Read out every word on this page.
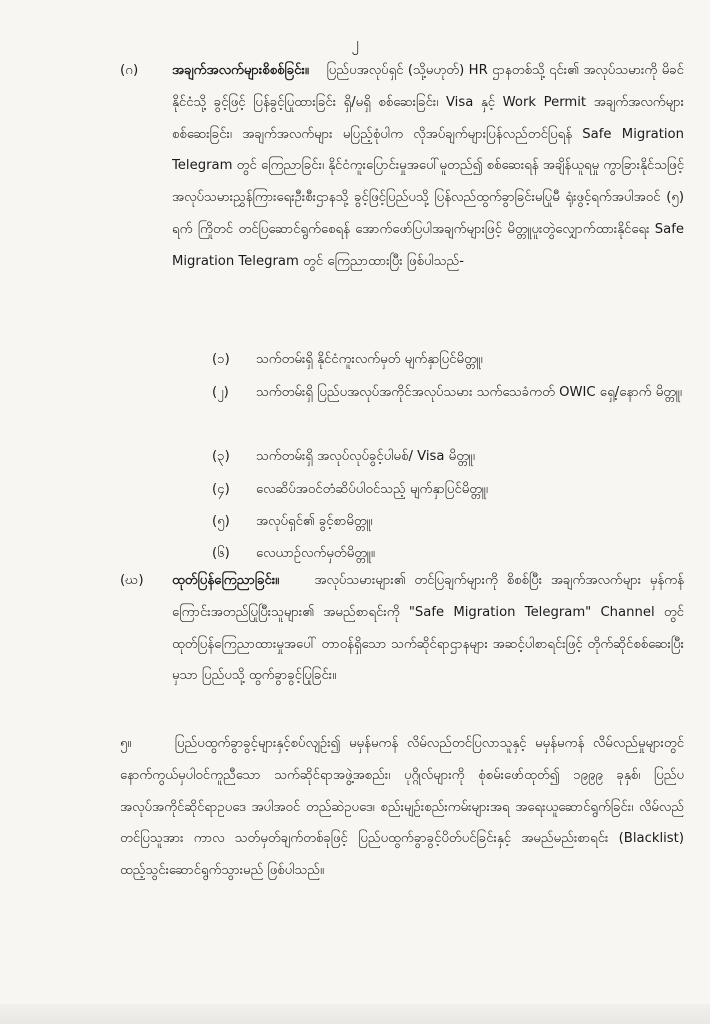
၂
(ဂ)	အချက်အလက်များစိစစ်ခြင်း။ ပြည်ပအလုပ်ရှင် (သို့မဟုတ်) HR ဌာနတစ်သို့ ၎င်း၏ အလုပ်သမားကို မိခင်နိုင်ငံသို့ ခွင့်ဖြင့် ပြန်ခွင့်ပြုထားခြင်း ရှိ/မရှိ စစ်ဆေးခြင်း၊ Visa နှင့် Work Permit အချက်အလက်များ စစ်ဆေးခြင်း၊ အချက်အလက်များ မပြည့်စုံပါက လိုအပ်ချက်များပြန်လည်တင်ပြရန် Safe Migration Telegram တွင် ကြေညာခြင်း၊ နိုင်ငံကူးပြောင်းမှုအပေါ်မူတည်၍ စစ်ဆေးရန် အချိန်ယူရမှု ကွာခြားနိုင်သဖြင့် အလုပ်သမားညွှန်ကြားရေးဦးစီးဌာနသို့ ခွင့်ဖြင့်ပြည်ပသို့ ပြန်လည်ထွက်ခွာခြင်းမပြုမီ ရုံးဖွင့်ရက်အပါအဝင် (၅) ရက် ကြိုတင် တင်ပြဆောင်ရွက်စေရန် အောက်ဖော်ပြပါအချက်များဖြင့် မိတ္တူပူးတွဲလျှောက်ထားနိုင်ရေး Safe Migration Telegram တွင် ကြေညာထားပြီး ဖြစ်ပါသည်-
(၁) သက်တမ်းရှိ နိုင်ငံကူးလက်မှတ် မျက်နှာပြင်မိတ္တူ၊
(၂) သက်တမ်းရှိ ပြည်ပအလုပ်အကိုင်အလုပ်သမား သက်သေခံကတ် OWIC ရှေ့/နောက် မိတ္တူ၊
(၃) သက်တမ်းရှိ အလုပ်လုပ်ခွင့်ပါမစ်/ Visa မိတ္တူ၊
(၄) လေဆိပ်အဝင်တံဆိပ်ပါဝင်သည့် မျက်နှာပြင်မိတ္တူ၊
(၅) အလုပ်ရှင်၏ ခွင့်စာမိတ္တူ၊
(၆) လေယာဉ်လက်မှတ်မိတ္တူ။
(ဃ) ထုတ်ပြန်ကြေညာခြင်း။	အလုပ်သမားများ၏ တင်ပြချက်များကို စိစစ်ပြီး အချက်အလက်များ မှန်ကန်ကြောင်းအတည်ပြုပြီးသူများ၏ အမည်စာရင်းကို "Safe Migration Telegram" Channel တွင် ထုတ်ပြန်ကြေညာထားမှုအပေါ် တာဝန်ရှိသော သက်ဆိုင်ရာဌာနများ အဆင့်ပါစာရင်းဖြင့် တိုက်ဆိုင်စစ်ဆေးပြီးမှသာ ပြည်ပသို့ ထွက်ခွာခွင့်ပြုခြင်း။
၅။	ပြည်ပထွက်ခွာခွင့်များနှင့်စပ်လျဉ်း၍ မမှန်မကန် လိမ်လည်တင်ပြလာသူနှင့် မမှန်မကန် လိမ်လည်မှုများတွင် နောက်ကွယ်မှပါဝင်ကူညီသော သက်ဆိုင်ရာအဖွဲ့အစည်း၊ ပုဂ္ဂိုလ်များကို စုံစမ်းဖော်ထုတ်၍ ၁၉၉၉ ခုနှစ်၊ ပြည်ပအလုပ်အကိုင်ဆိုင်ရာဥပဒေ အပါအဝင် တည်ဆဲဥပဒေ၊ စည်းမျဉ်းစည်းကမ်းများအရ အရေးယူဆောင်ရွက်ခြင်း၊ လိမ်လည်တင်ပြသူအား ကာလ သတ်မှတ်ချက်တစ်ခုဖြင့် ပြည်ပထွက်ခွာခွင့်ပိတ်ပင်ခြင်းနှင့် အမည်မည်းစာရင်း (Blacklist) ထည့်သွင်းဆောင်ရွက်သွားမည် ဖြစ်ပါသည်။
